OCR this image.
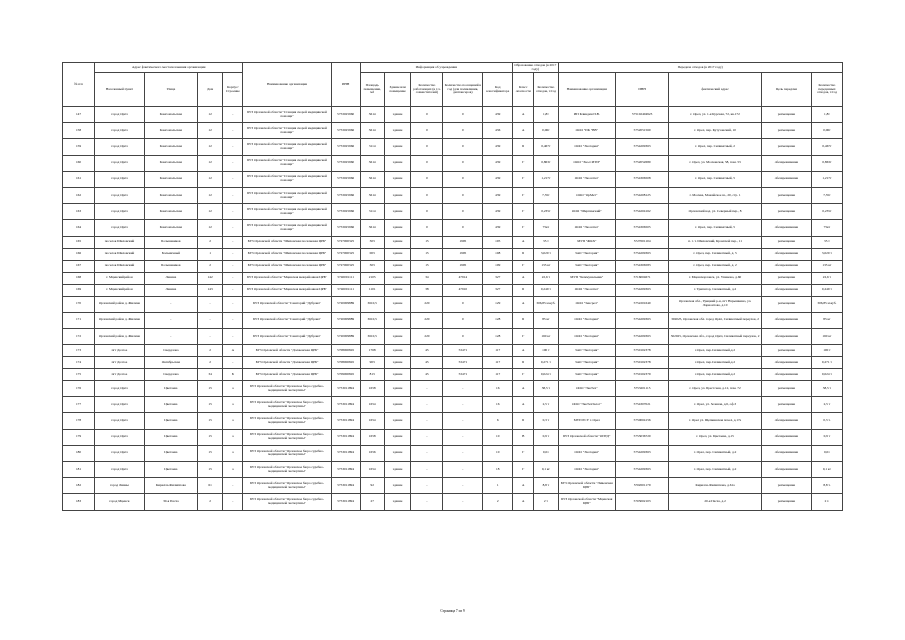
№ п/п	Адрес фактического местоположения организации				Наименование организации	ИНН	Информация об учреждении					Образование отходов (в 2017 году)		Передача отходов (в 2017 году)				
	Населенный пункт	Улица	Дом	Корпус/Строение			Площадь помещения, м2	Здание или помещение	Количество работающих (в т.ч. совместителей)	Количество посещений в год (для поликлиник, диспансеров)	Код классификатора	Класс опасности	Количество отходов, т/год	Наименование организации	ИНН	фактический адрес	Цель передачи	Количество переданных отходов, т/год
147	город Орёл	Комсомольская	12	-	БУЗ Орловской области "Станция скорой медицинской помощи"	5753025960	3614	здание	0	0	439	А	1,8т	ИП Клиндин П.В.	575102404923	г. Орел, ул. 1-я Курская, 72, кв.172	размещение	1,8т
158	город Орёл	Комсомольская	12	-	БУЗ Орловской области "Станция скорой медицинской помощи"	5753025966	3614	здание	0	0	436	А	0,06т	ООО "ПК "ВВ"	5752051560	г. Орел, пер. Кутузовский, 10	размещение	0,06т
159	город Орёл	Комсомольская	12	-	БУЗ Орловской области "Станция скорой медицинской помощи"	5753025966	3114	здание	0	0	439	Б	0,467т	ООО "Экотория"	5754209363	г. Орел, пер. Силикатный, 2	размещение	0,467т
160	город Орёл	Комсомольская	12	-	БУЗ Орловской области "Станция скорой медицинской помощи"	5753025960	3614	здание	0	0	439	Г	0,863т	ООО "Эко-СИТИ"	5752052680	г. Орел, ул. Московская, 58, пом. 53	обезвреживание	0,863т
161	город Орёл	Комсомольская	12	-	БУЗ Орловской области "Станция скорой медицинской помощи"	5753025966	3614	здание	0	0	439	Г	1,217т	ООО "Экосетка"	5754306508	г. Орел, пер. Силикатный, 5	обезвреживание	1,217т
162	город Орёл	Комсомольская	12	-	БУЗ Орловской области "Станция скорой медицинской помощи"	5753025966	3614	здание	0	0	439	Г	7,35т	ООО "ОрМет"	5754208125	г. Москва, Можайское ш., 20, стр. 1	размещение	7,35т
163	город Орёл	Комсомольская	12	-	БУЗ Орловской области "Станция скорой медицинской помощи"	5753025966	3114	здание	0	0	439	Г	0,235т	ООО "Шерпамский"	5754204162	Орловский вод. ул. Северный пер., 8	размещение	0,235т
164	город Орёл	Комсомольская	12	-	БУЗ Орловской области "Станция скорой медицинской помощи"	5753025966	3614	здание	0	0	439	Г	75кт	ООО "Экосетка"	5754306505	г. Орел, пер. Силикатный, 5	обезвреживание	75кт
165	поселок Шиловский	Большевиков	2	-	БУЗ Орловской области "Шиловская поселковая ЦРБ"	5727000325	303	здание	15	1995	105	А	35 т	МУП "ЖКХ"	5727001104	п. г. т. Шиловский, Кромской пер., 11	размещение	35 т
166	поселок Шиловский	Больничный	1	-	БУЗ Орловской области "Шиловская поселковая ЦРБ"	5727000325	003	здание	15	1995	108	Б	3,020 т	ЗАО "Экотория"	5754209363	г. Орел, пер. Силикатный, д. 5	обезвреживание	3,020 т
167	поселок Шиловский	Большевиков	2	-	БУЗ Орловской области "Шиловская поселковая ЦРБ"	5727000325	303	здание	15	1995	109	Г	133 кт	ЗАО "Экотория"	5754306583	г. Орел, пер. Силикатный, д. 2	обезвреживание	133 кт
168	г. Мценскийрайон	Ленина	142	-	БУЗ Орловской области "Мценская межрайонная ЦРБ"	5740001111	2105	здание	34	47914	327	А	22,6 т	МУП "Коммунальник"	5716004671	г. Мценскорловск, ул. Ушаково, д.60	размещение	22,6 т
169	г. Мценскийрайон	Ленина	143	-	БУЗ Орловской области "Мценская межрайонная ЦРБ"	5740001111	1101	здание	38	47910	327	Б	0,249 т	ООО "Экосетка"	5754209363	г. Трипнгор, Силикатный, д.2	обезвреживание	0,249 т
170	Орловский район д. Жилина	-	-	-	БУЗ Орловской области "Санаторий "Дубрава"	5720009889	3610,5	здание	220	0	129	А	306,85 м.куб.	ООО "Зенсрел"	5752201640	Орловская обл., Урицкий р-н, пгт Нарышкино, ул. Ларионтова, д.10	размещение	306,85 м.куб.
171	Орловский район д. Жилина	-	-	-	БУЗ Орловской области "Санаторий "Дубрава"	5720009889	3610,5	здание	220	0	128	Б	85 кг	ООО "Экотория"	5754209363	302025, Орловская обл. город Орёл, Силикатный переулок, 2	обезвреживание	85 кг
172	Орловский район д. Жилина	-	-	-	БУЗ Орловской области "Санаторий "Дубрава"	5720009889	3610,5	здание	220	0	128	Г	160 кг	ООО "Экотория"	5754209363	302025, Орловская обл., город Орёл, Силикатный переулок, 2	обезвреживание	160 кг
173	пгт Долгое	Свердлова	2	А	БУЗ Орловской области "Долженская ЦРБ"	5708000845	1768	здание	45	53471	117	А	100 т	ЗАО "Экотория"	5750102378	г.Орел, пер.Силикатный,д.2	размещение	100 т
174	пгт Долгое	Октябрьская	2	-	БУЗ Орловской области "Долженская ЦРБ"	5708000845	903	здание	45	53471	117	Б	0,271 т	ЗАО "Экотория"	5750102378	г.Орел, пер.Силикатный,д.2	обезвреживание	0,271 т
175	пгт Долгое	Свердлова	34	Б	БУЗ Орловской области "Долженская ЦРБ"	5709000845	813	здание	45	53471	117	Г	0,024 т	ЗАО "Экотория"	5750102379	г.Орел, пер.Силикатный,д.2	обезвреживание	0,024 т
176	город Орёл	Цветаева	15	а	БУЗ Орловской области "Орловское бюро судебно-медицинской экспертизы"	5753011894	1658	здание	-	-	16	А	38,5 т	ООО "ЭкоТех"	5753201115	г. Орел, ул. Брестская, д.12, пом. 72	размещение	38,5 т
177	город Орёл	Цветаева	15	а	БУЗ Орловской области "Орловское бюро судебно-медицинской экспертизы"	5753011894	1654	здание	-	-	16	А	2,5 т	ООО "ЭкоТехЗалог"	5754307021	г. Орел, ул. Зеленая, д.6, оф.3	размещение	2,5 т
178	город Орёл	Цветаева	15	а	БУЗ Орловской области "Орловское бюро судебно-медицинской экспертизы"	5753011894	1654	здание	-	-	6	Б	0,3 т	МУП РСУ г. Орел	5750004156	г. Орел ул. Щепкинская пом.4, д.17а	обезвреживание	0,3 т.
179	город Орёл	Цветаева	15	а	БУЗ Орловской области "Орловское бюро судебно-медицинской экспертизы"	5753011894	1658	здание	-	-	10	В	0,9 т	БУЗ Орловской области "ОПТД"	5753036720	г. Орел, ул. Цветаева, д.15	обезвреживание	0,9 т
180	город Орёл	Цветаева	15	а	БУЗ Орловской области "Орловское бюро судебно-медицинской экспертизы"	5753011894	1656	здание	-	-	10	Г	0,01	ООО "Экотория"	5754209363	г. Орел, пер. Силикатный, д.2	обезвреживание	0,01
181	город Орёл	Цветаева	15	а	БУЗ Орловской области "Орловское бюро судебно-медицинской экспертизы"	5753011894	1654	здание	-	-	18	Г	0,1 кг	ООО "Экотория"	5754209363	г. Орел, пер. Силикатный, д.2	обезвреживание	0,1 кг
182	город Ливны	Кирилла-Филиппова	61	-	БУЗ Орловской области "Орловское бюро судебно-медицинской экспертизы"	5753011894	92	здание	-	-	1	А	8,8 т	БУЗ Орловской области "Ливенская ЦРБ"	5702001179	Кирилла-Филиппова, д.61а	размещение	8,8 т.
183	город Мценск	30-я Пасха	2	-	БУЗ Орловской области "Орловское бюро судебно-медицинской экспертизы"	5753011894	27	здание	-	-	2	А	2 т	БУЗ Орловской области "Мценская ЦРБ"	5703002103	20-я Пасха, д.2	размещение	2 т.
Страница 7 из 9
